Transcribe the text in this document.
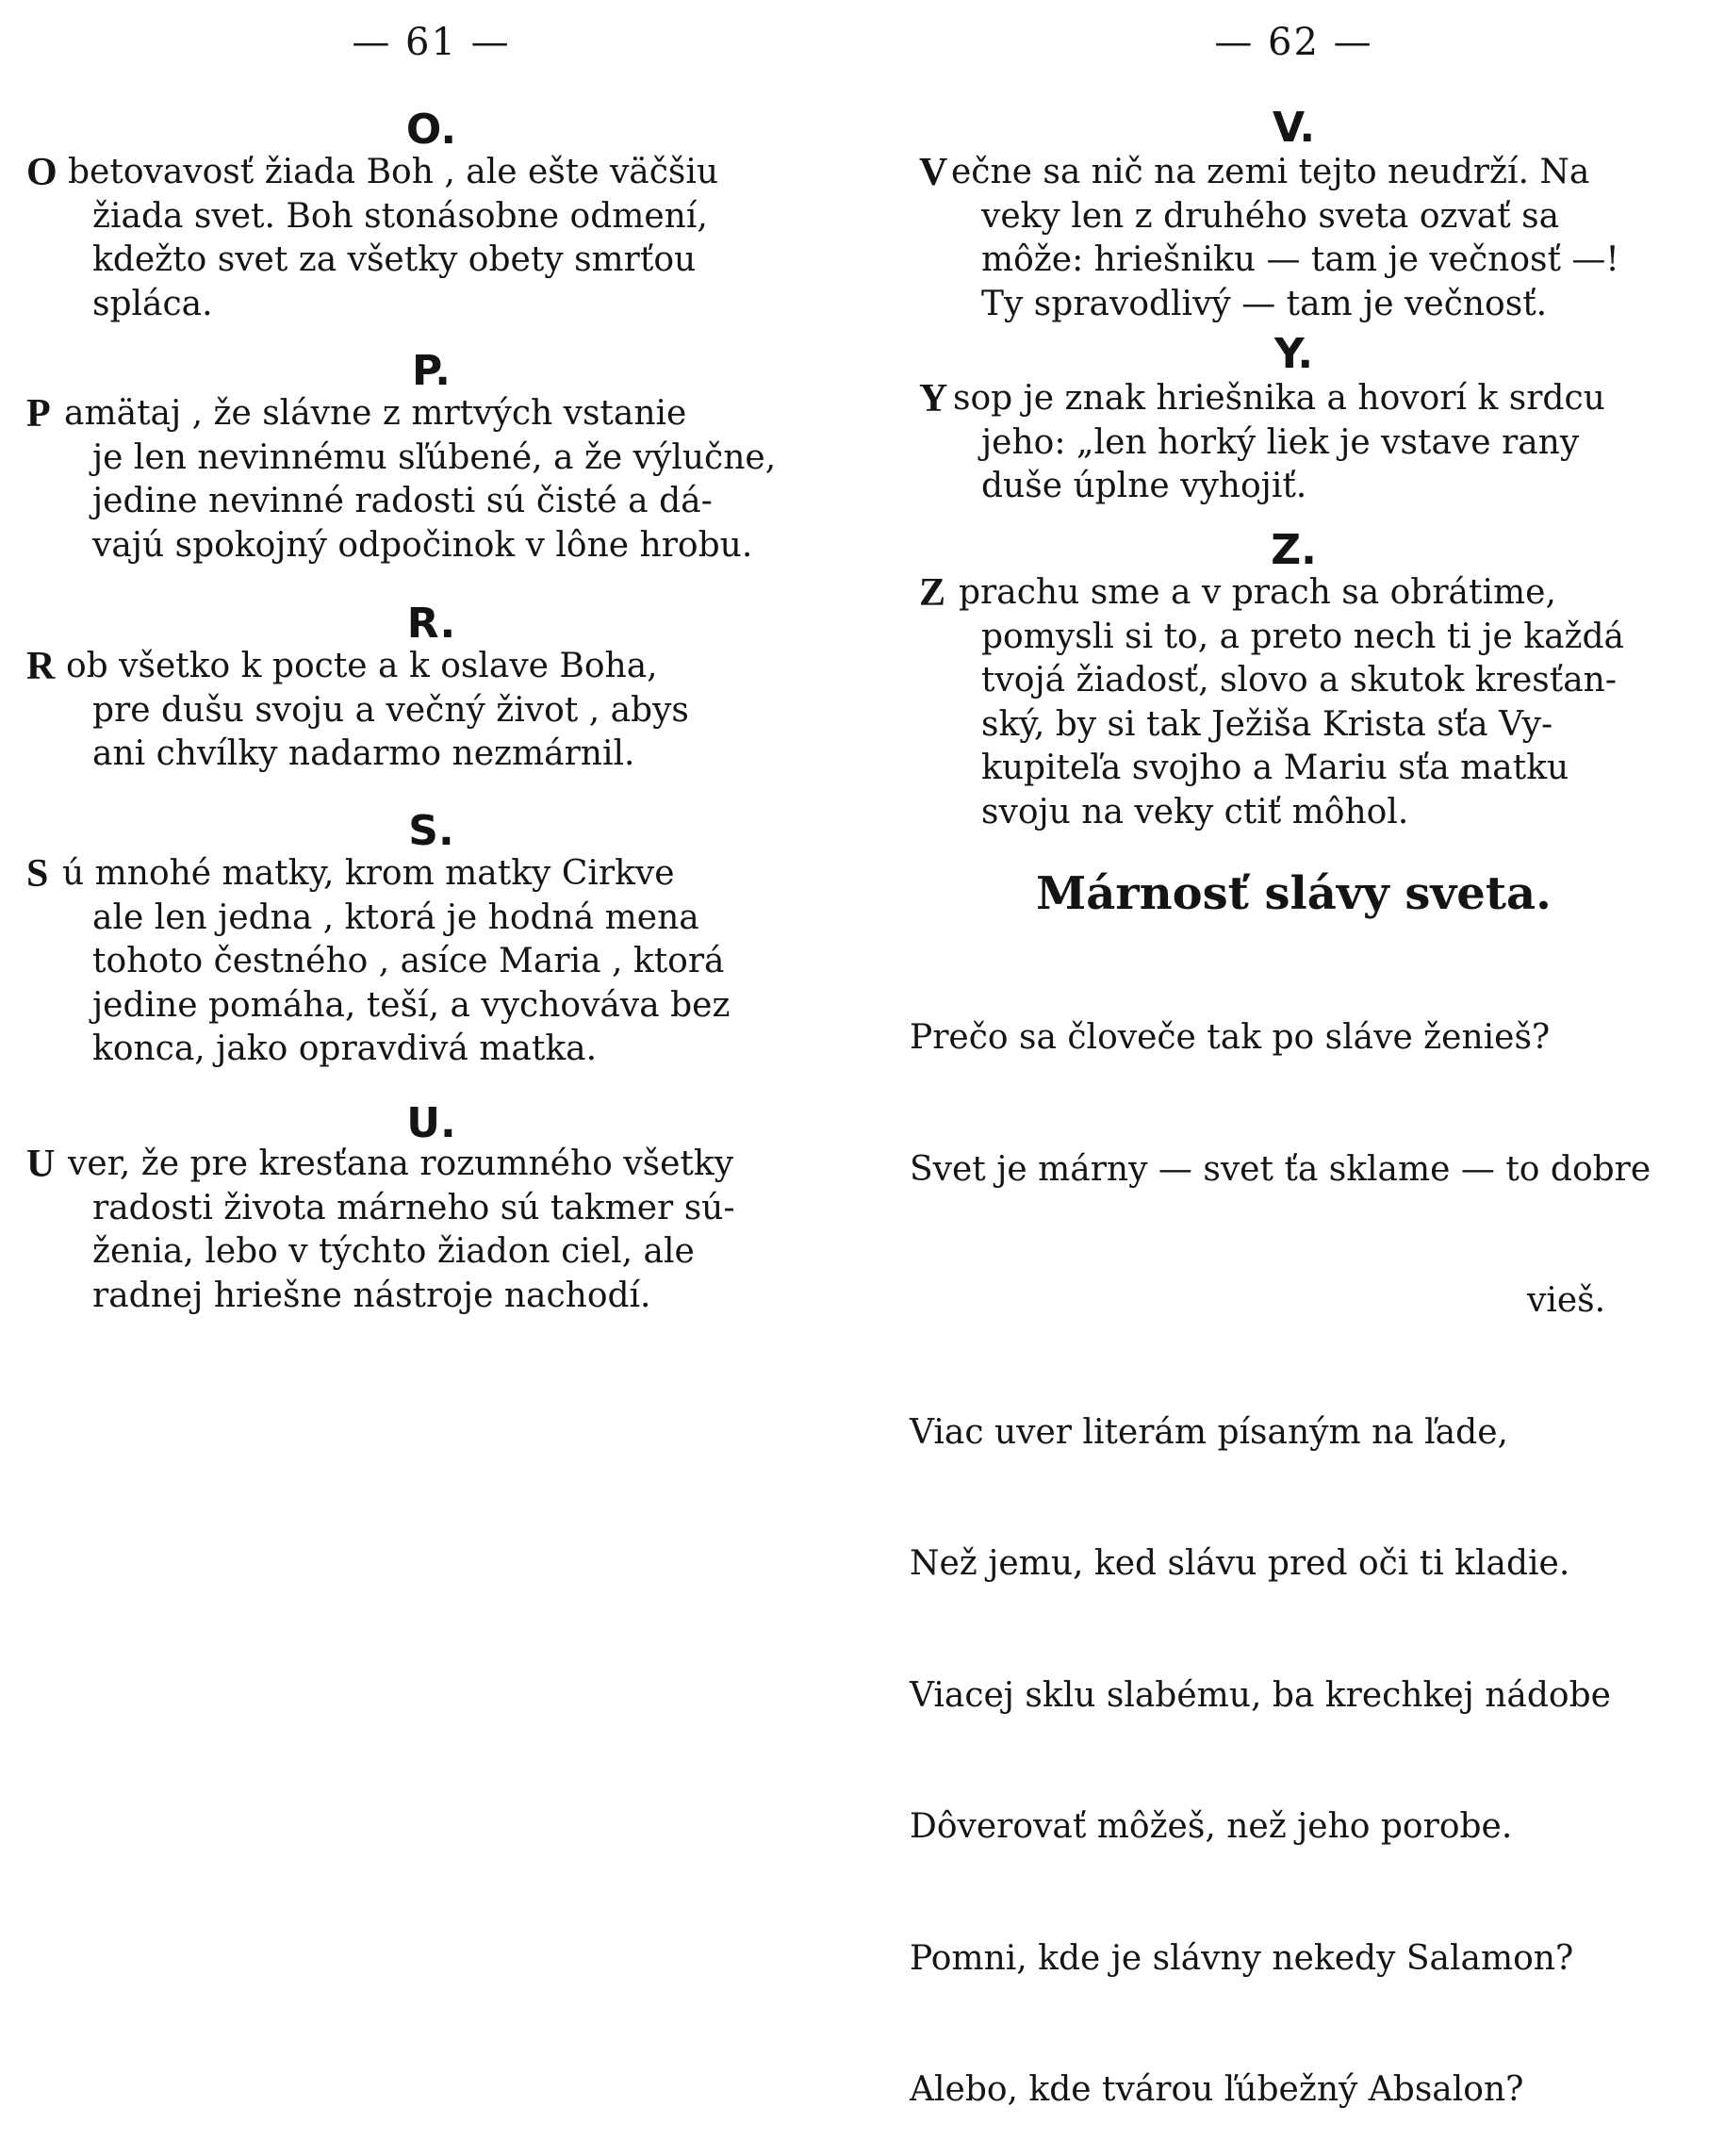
— 61 —
O.
O betovavosť žiada Boh , ale ešte väčšiu
žiada svet. Boh stonásobne odmení,
kdežto svet za všetky obety smrťou
spláca.
P.
P amätaj , že slávne z mrtvých vstanie
je len nevinnému sľúbené, a že výlučne,
jedine nevinné radosti sú čisté a dá-
vajú spokojný odpočinok v lône hrobu.
R.
R ob všetko k pocte a k oslave Boha,
pre dušu svoju a večný život , abys
ani chvílky nadarmo nezmárnil.
S.
S ú mnohé matky, krom matky Cirkve
ale len jedna , ktorá je hodná mena
tohoto čestného , asíce Maria , ktorá
jedine pomáha, teší, a vychováva bez
konca, jako opravdivá matka.
U.
U ver, že pre kresťana rozumného všetky
radosti života márneho sú takmer sú-
ženia, lebo v týchto žiadon ciel, ale
radnej hriešne nástroje nachodí.
— 62 —
V.
V ečne sa nič na zemi tejto neudrží. Na
veky len z druhého sveta ozvať sa
môže: hriešniku — tam je večnosť —!
Ty spravodlivý — tam je večnosť.
Y.
Y sop je znak hriešnika a hovorí k srdcu
jeho: „len horký liek je vstave rany
duše úplne vyhojiť.
Z.
Z prachu sme a v prach sa obrátime,
pomysli si to, a preto nech ti je každá
tvojá žiadosť, slovo a skutok kresťan-
ský, by si tak Ježiša Krista sťa Vy-
kupiteľa svojho a Mariu sťa matku
svoju na veky ctiť môhol.
Márnosť slávy sveta.

Prečo sa človeče tak po sláve ženieš?

Svet je márny — svet ťa sklame — to dobre

vieš.

Viac uver literám písaným na ľade,

Než jemu, ked slávu pred oči ti kladie.

Viacej sklu slabému, ba krechkej nádobe

Dôverovať môžeš, než jeho porobe.

Pomni, kde je slávny nekedy Salamon?

Alebo, kde tvárou ľúbežný Absalon?
